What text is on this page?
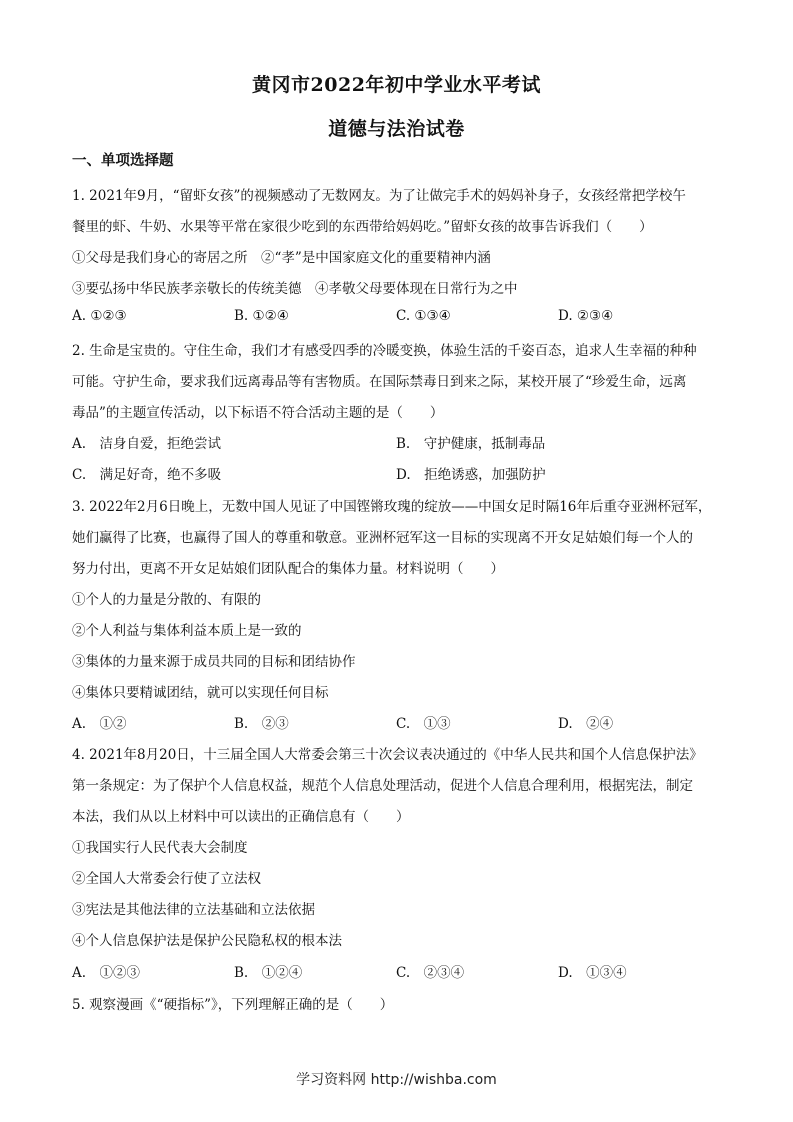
黄冈市2022年初中学业水平考试
道德与法治试卷
一、单项选择题
1. 2021年9月，“留虾女孩”的视频感动了无数网友。为了让做完手术的妈妈补身子，女孩经常把学校午
餐里的虾、牛奶、水果等平常在家很少吃到的东西带给妈妈吃。”留虾女孩的故事告诉我们（　　）
①父母是我们身心的寄居之所　②“孝”是中国家庭文化的重要精神内涵
③要弘扬中华民族孝亲敬长的传统美德　④孝敬父母要体现在日常行为之中
A. ①②③	B. ①②④	C. ①③④	D. ②③④
2. 生命是宝贵的。守住生命，我们才有感受四季的冷暖变换，体验生活的千姿百态，追求人生幸福的种种
可能。守护生命，要求我们远离毒品等有害物质。在国际禁毒日到来之际，某校开展了“珍爱生命，远离
毒品”的主题宣传活动，以下标语不符合活动主题的是（　　）
A.　洁身自爱，拒绝尝试	B.　守护健康，抵制毒品
C.　满足好奇，绝不多吸	D.　拒绝诱惑，加强防护
3. 2022年2月6日晚上，无数中国人见证了中国铿锵玫瑰的绽放——中国女足时隔16年后重夺亚洲杯冠军，
她们赢得了比赛，也赢得了国人的尊重和敬意。亚洲杯冠军这一目标的实现离不开女足姑娘们每一个人的
努力付出，更离不开女足姑娘们团队配合的集体力量。材料说明（　　）
①个人的力量是分散的、有限的
②个人利益与集体利益本质上是一致的
③集体的力量来源于成员共同的目标和团结协作
④集体只要精诚团结，就可以实现任何目标
A.　①②	B.　②③	C.　①③	D.　②④
4. 2021年8月20日，十三届全国人大常委会第三十次会议表决通过的《中华人民共和国个人信息保护法》
第一条规定：为了保护个人信息权益，规范个人信息处理活动，促进个人信息合理利用，根据宪法，制定
本法，我们从以上材料中可以读出的正确信息有（　　）
①我国实行人民代表大会制度
②全国人大常委会行使了立法权
③宪法是其他法律的立法基础和立法依据
④个人信息保护法是保护公民隐私权的根本法
A.　①②③	B.　①②④	C.　②③④	D.　①③④
5. 观察漫画《“硬指标”》，下列理解正确的是（　　）
学习资料网 http://wishba.com
